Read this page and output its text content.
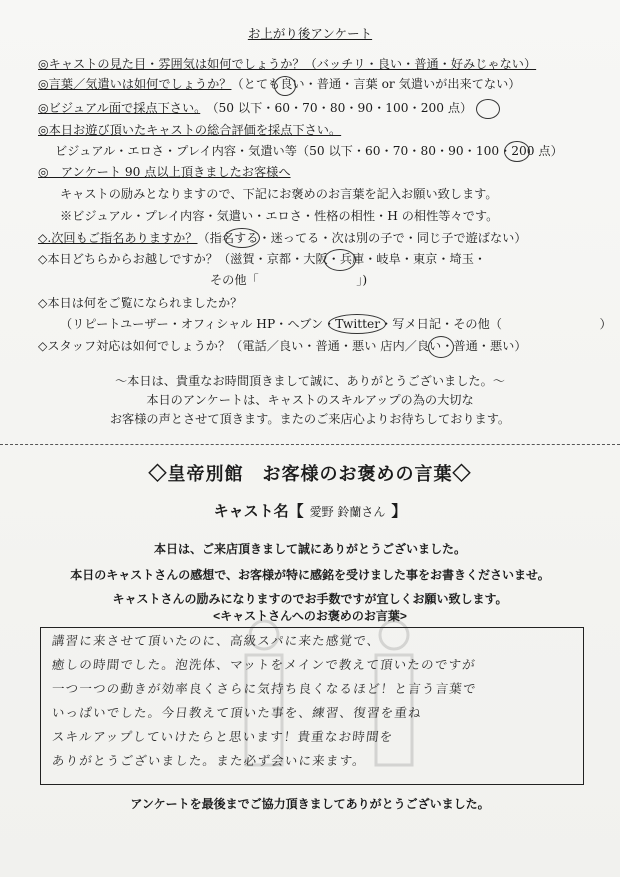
お上がり後アンケート
◎キャストの見た目・雰囲気は如何でしょうか？（バッチリ・良い・普通・好みじゃない）
◎言葉／気遣いは如何でしょうか？（とても良い・普通・言葉 or 気遣いが出来てない）
◎ビジュアル面で採点下さい。　（50 以下・60・70・80・90・100・200 点）
◎本日お遊び頂いたキャストの総合評価を採点下さい。
ビジュアル・エロさ・プレイ内容・気遣い等（50 以下・60・70・80・90・100・200 点）
◎　アンケート 90 点以上頂きましたお客様へ
キャストの励みとなりますので、下記にお褒めのお言葉を記入お願い致します。
※ビジュアル・プレイ内容・気遣い・エロさ・性格の相性・H の相性等々です。
◇.次回もご指名ありますか？（指名する・迷ってる・次は別の子で・同じ子で遊ばない）
◇本日どちらからお越しですか？（滋賀・京都・大阪・兵庫・岐阜・東京・埼玉・
その他「　　　　　　　　」)
◇本日は何をご覧になられましたか？
（リピートユーザー・オフィシャル HP・ヘブン・Twitter・写メ日記・その他（　　　　　　　　）
◇スタッフ対応は如何でしょうか？（電話／良い・普通・悪い 店内／良い・普通・悪い）
～本日は、貴重なお時間頂きまして誠に、ありがとうございました。～
本日のアンケートは、キャストのスキルアップの為の大切な
お客様の声とさせて頂きます。またのご来店心よりお待ちしております。
◇皇帝別館　お客様のお褒めの言葉◇
キャスト名【 愛野 鈴蘭さん 】
本日は、ご来店頂きまして誠にありがとうございました。
本日のキャストさんの感想で、お客様が特に感銘を受けました事をお書きくださいませ。
キャストさんの励みになりますのでお手数ですが宜しくお願い致します。
<キャストさんへのお褒めのお言葉>
講習に来させて頂いたのに、高級スパに来た感覚で、
癒しの時間でした。泡洗体、マットをメインで教えて頂いたのですが
一つ一つの動きが効率良くさらに気持ち良くなるほど！と言う言葉で
いっぱいでした。今日教えて頂いた事を、練習、復習を重ね
スキルアップしていけたらと思います！貴重なお時間を
ありがとうございました。また必ず会いに来ます。
アンケートを最後までご協力頂きましてありがとうございました。
